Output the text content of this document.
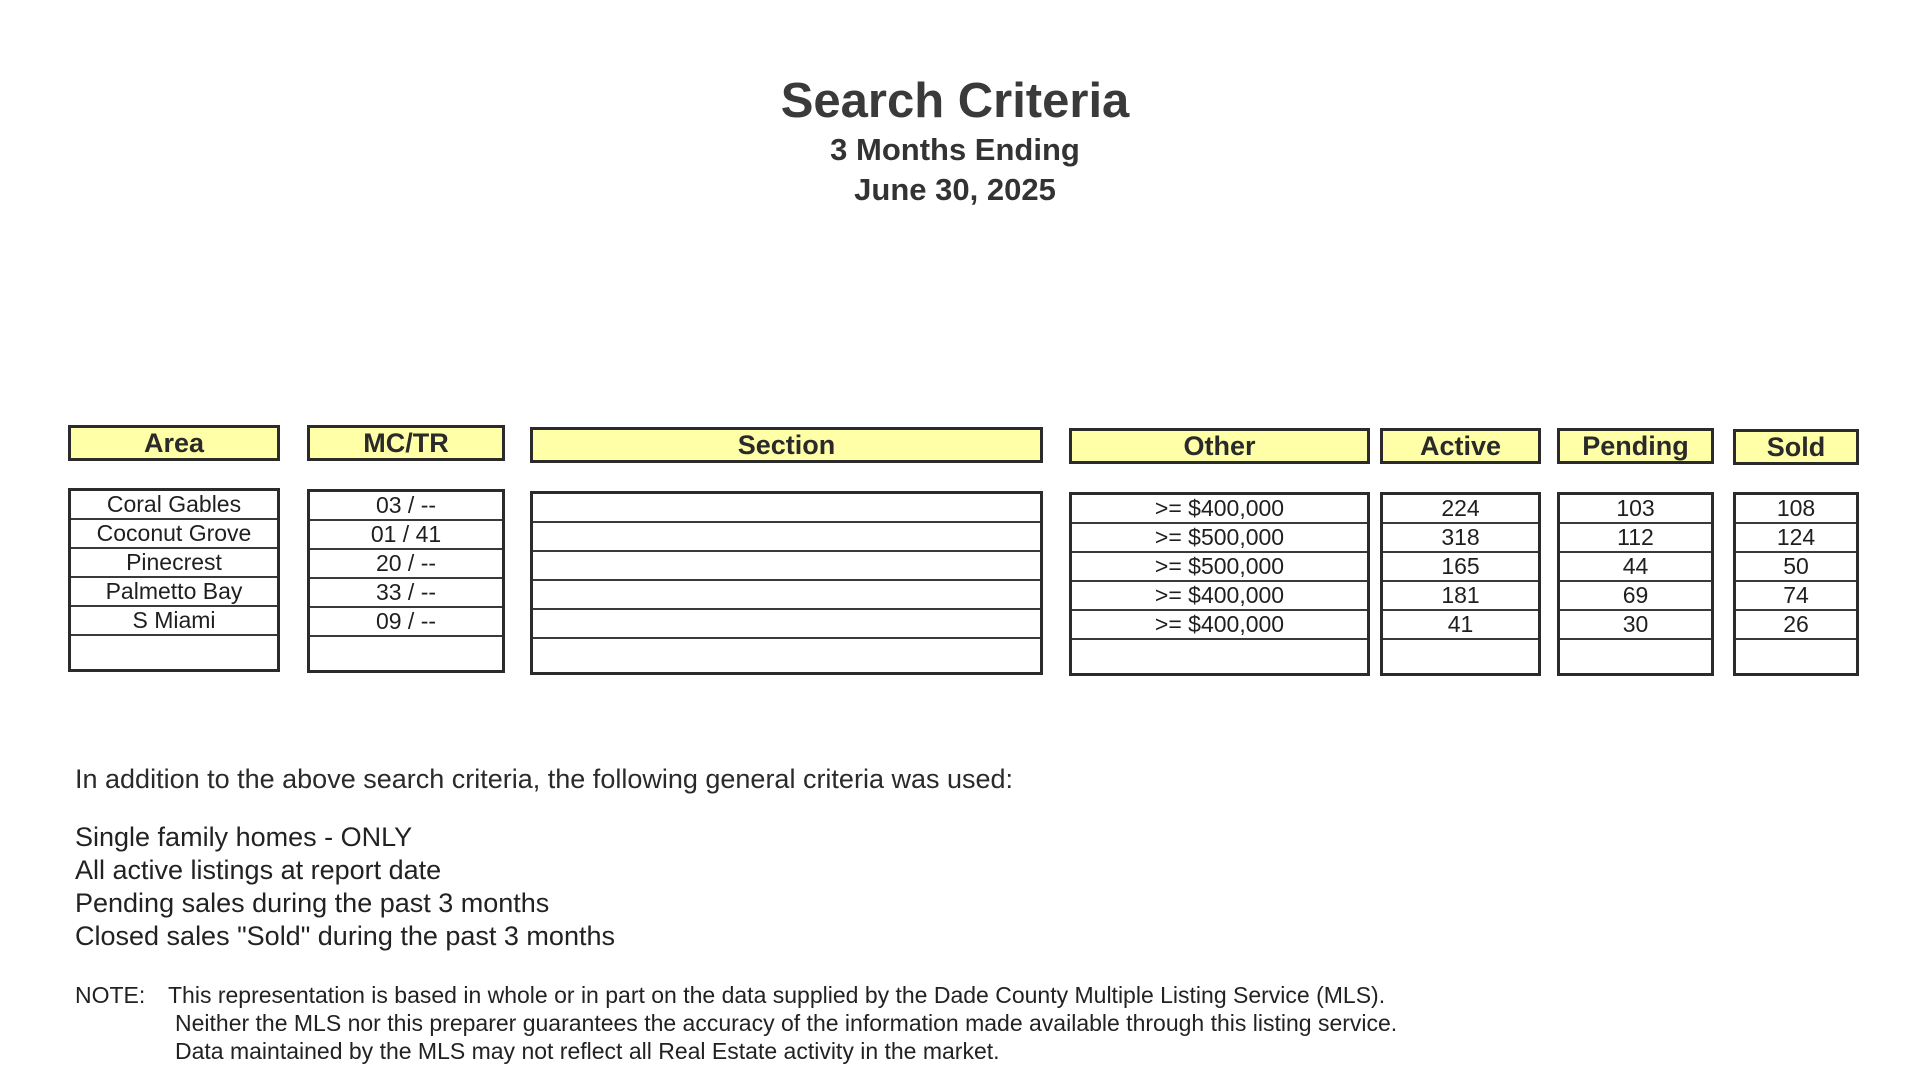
Search Criteria
3 Months Ending
June 30, 2025
Area
Coral Gables
Coconut Grove
Pinecrest
Palmetto Bay
S Miami
MC/TR
03 / --
01 / 41
20 / --
33 / --
09 / --
Section	Other
>= $400,000
>= $500,000
>= $500,000
>= $400,000
>= $400,000
Active
224
318
165
181
41
Pending
103
112
44
69
30
Sold
108
124
50
74
26
In addition to the above search criteria, the following general criteria was used:
Single family homes - ONLY
All active listings at report date
Pending sales during the past 3 months
Closed sales "Sold" during the past 3 months
NOTE: This representation is based in whole or in part on the data supplied by the Dade County Multiple Listing Service (MLS).
Neither the MLS nor this preparer guarantees the accuracy of the information made available through this listing service.
Data maintained by the MLS may not reflect all Real Estate activity in the market.
